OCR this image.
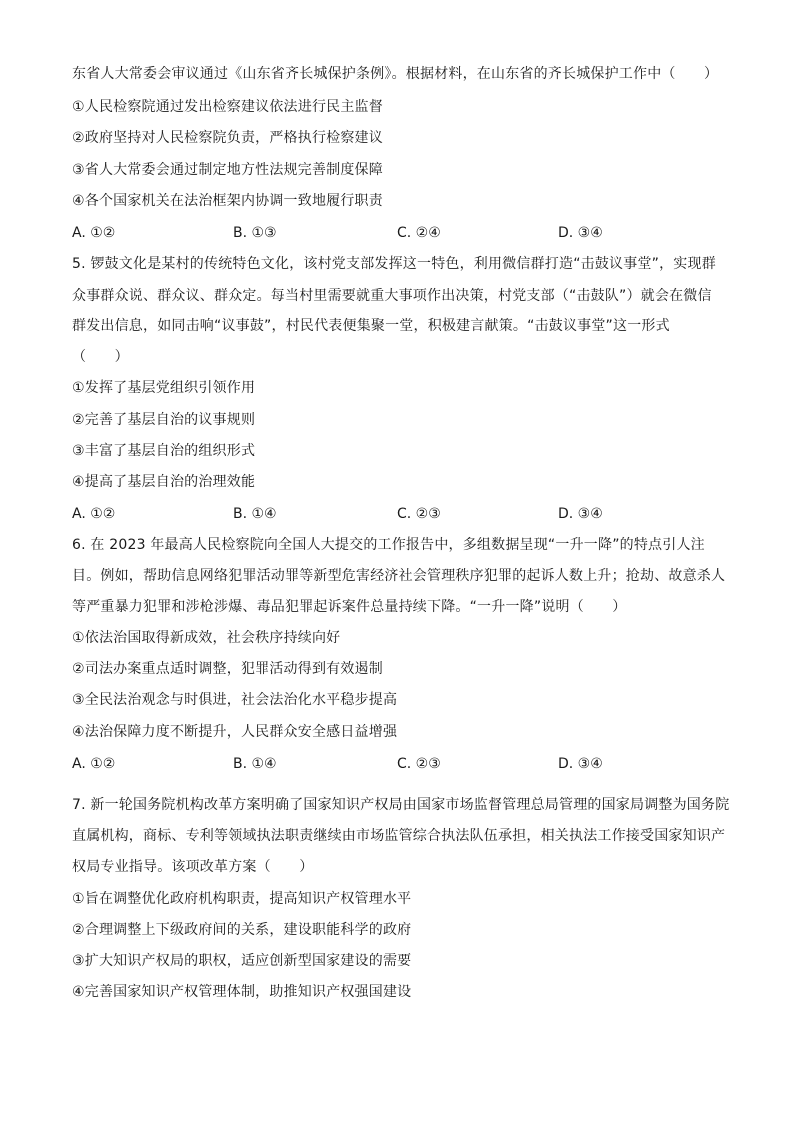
东省人大常委会审议通过《山东省齐长城保护条例》。根据材料，在山东省的齐长城保护工作中（　　）
①人民检察院通过发出检察建议依法进行民主监督
②政府坚持对人民检察院负责，严格执行检察建议
③省人大常委会通过制定地方性法规完善制度保障
④各个国家机关在法治框架内协调一致地履行职责
A. ①②	B. ①③	C. ②④	D. ③④
5. 锣鼓文化是某村的传统特色文化，该村党支部发挥这一特色，利用微信群打造“击鼓议事堂”，实现群
众事群众说、群众议、群众定。每当村里需要就重大事项作出决策，村党支部（“击鼓队”）就会在微信
群发出信息，如同击响“议事鼓”，村民代表便集聚一堂，积极建言献策。“击鼓议事堂”这一形式
（　　）
①发挥了基层党组织引领作用
②完善了基层自治的议事规则
③丰富了基层自治的组织形式
④提高了基层自治的治理效能
A. ①②	B. ①④	C. ②③	D. ③④
6. 在 2023 年最高人民检察院向全国人大提交的工作报告中，多组数据呈现“一升一降”的特点引人注
目。例如，帮助信息网络犯罪活动罪等新型危害经济社会管理秩序犯罪的起诉人数上升；抢劫、故意杀人
等严重暴力犯罪和涉枪涉爆、毒品犯罪起诉案件总量持续下降。“一升一降”说明（　　）
①依法治国取得新成效，社会秩序持续向好
②司法办案重点适时调整，犯罪活动得到有效遏制
③全民法治观念与时俱进，社会法治化水平稳步提高
④法治保障力度不断提升，人民群众安全感日益增强
A. ①②	B. ①④	C. ②③	D. ③④
7. 新一轮国务院机构改革方案明确了国家知识产权局由国家市场监督管理总局管理的国家局调整为国务院
直属机构，商标、专利等领域执法职责继续由市场监管综合执法队伍承担，相关执法工作接受国家知识产
权局专业指导。该项改革方案（　　）
①旨在调整优化政府机构职责，提高知识产权管理水平
②合理调整上下级政府间的关系，建设职能科学的政府
③扩大知识产权局的职权，适应创新型国家建设的需要
④完善国家知识产权管理体制，助推知识产权强国建设
